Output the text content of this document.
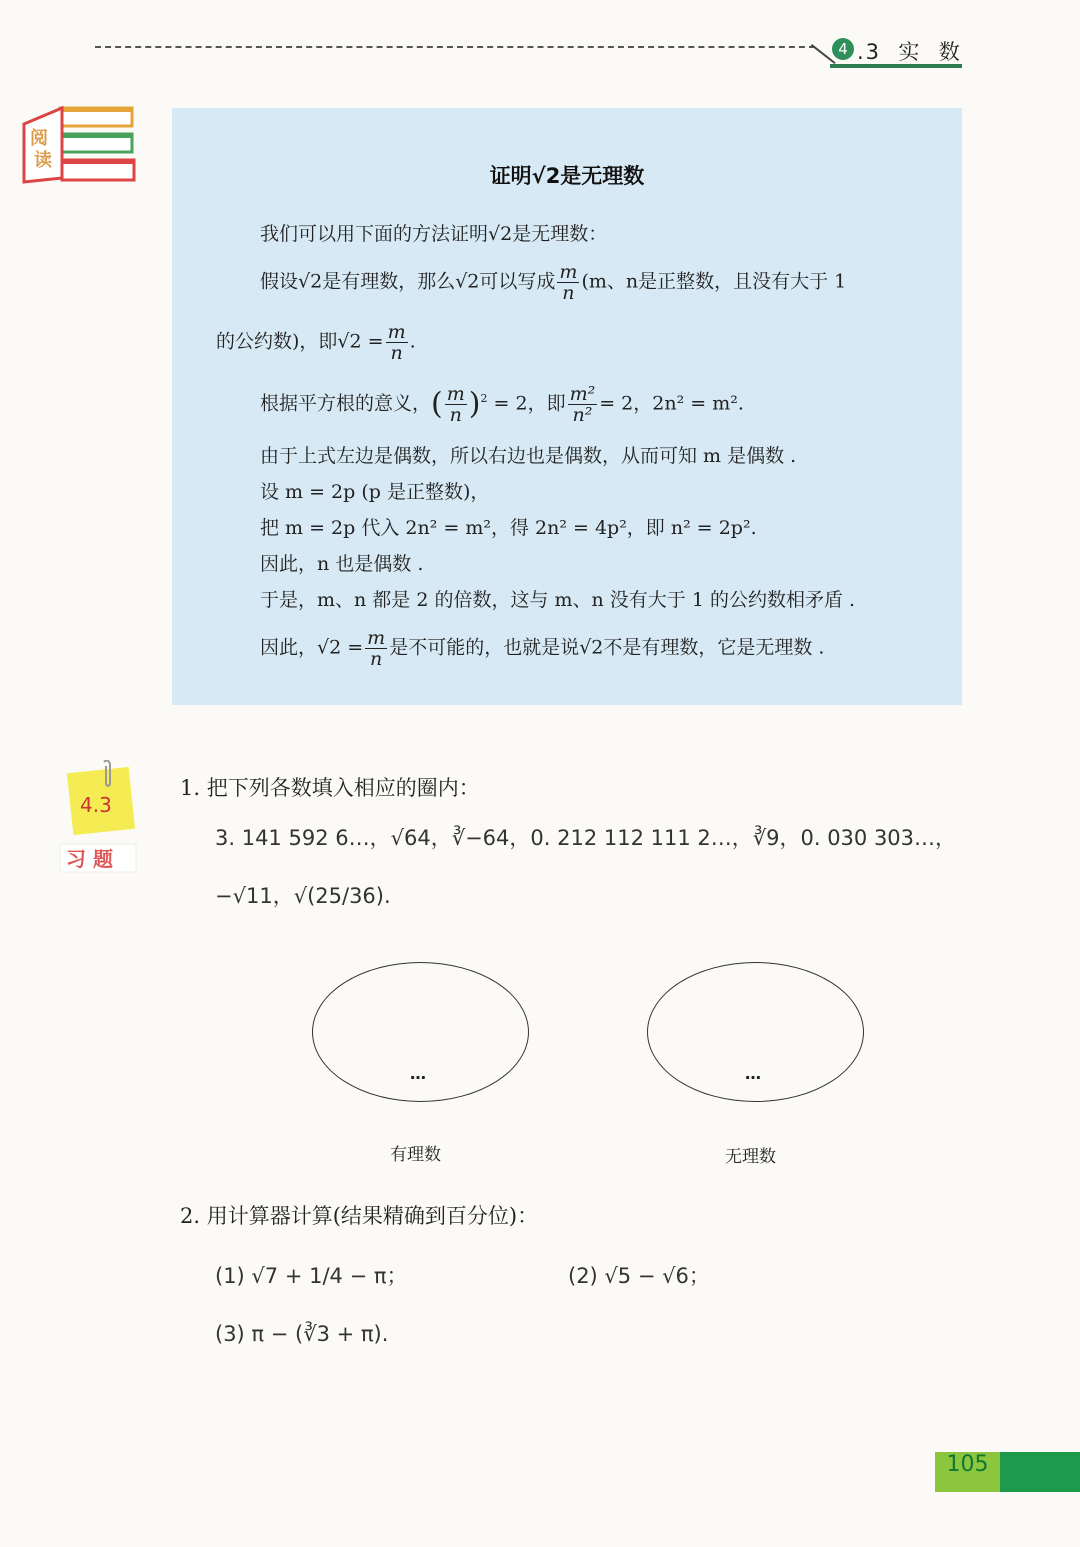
4 .3  实  数
阅
读
证明√2是无理数
我们可以用下面的方法证明√2是无理数：
假设√2是有理数，那么√2可以写成 $\frac{m}{n} (m$、n是正整数，且没有大于 1
的公约数)，即$√2 = \frac{m}{n}$ .
根据平方根的意义，( $\frac{m}{n} )^2 = 2$，即 $\frac{\text{m²}}{\text{n²}} = 2$，2n² = m².
由于上式左边是偶数，所以右边也是偶数，从而可知 m 是偶数 .
设 m = 2p (p 是正整数)，
把 m = 2p 代入 2n² = m²，得 2n² = 4p²，即 n² = 2p².
因此，n 也是偶数 .
于是，m、n 都是 2 的倍数，这与 m、n 没有大于 1 的公约数相矛盾 .
因此，$√2 = \frac{m}{n}$ 是不可能的，也就是说√2不是有理数，它是无理数 .
4.3
习 题
1. 把下列各数填入相应的圈内：
3. 141 592 6…，√64，∛−64，0. 212 112 111 2…，∛9，0. 030 303…，
−√11，√(25/36).
…	…
有理数	无理数
2. 用计算器计算(结果精确到百分位)：
(1) √7 + 1/4 − π；	(2) √5 − √6；
(3) π − (∛3 + π).
105
